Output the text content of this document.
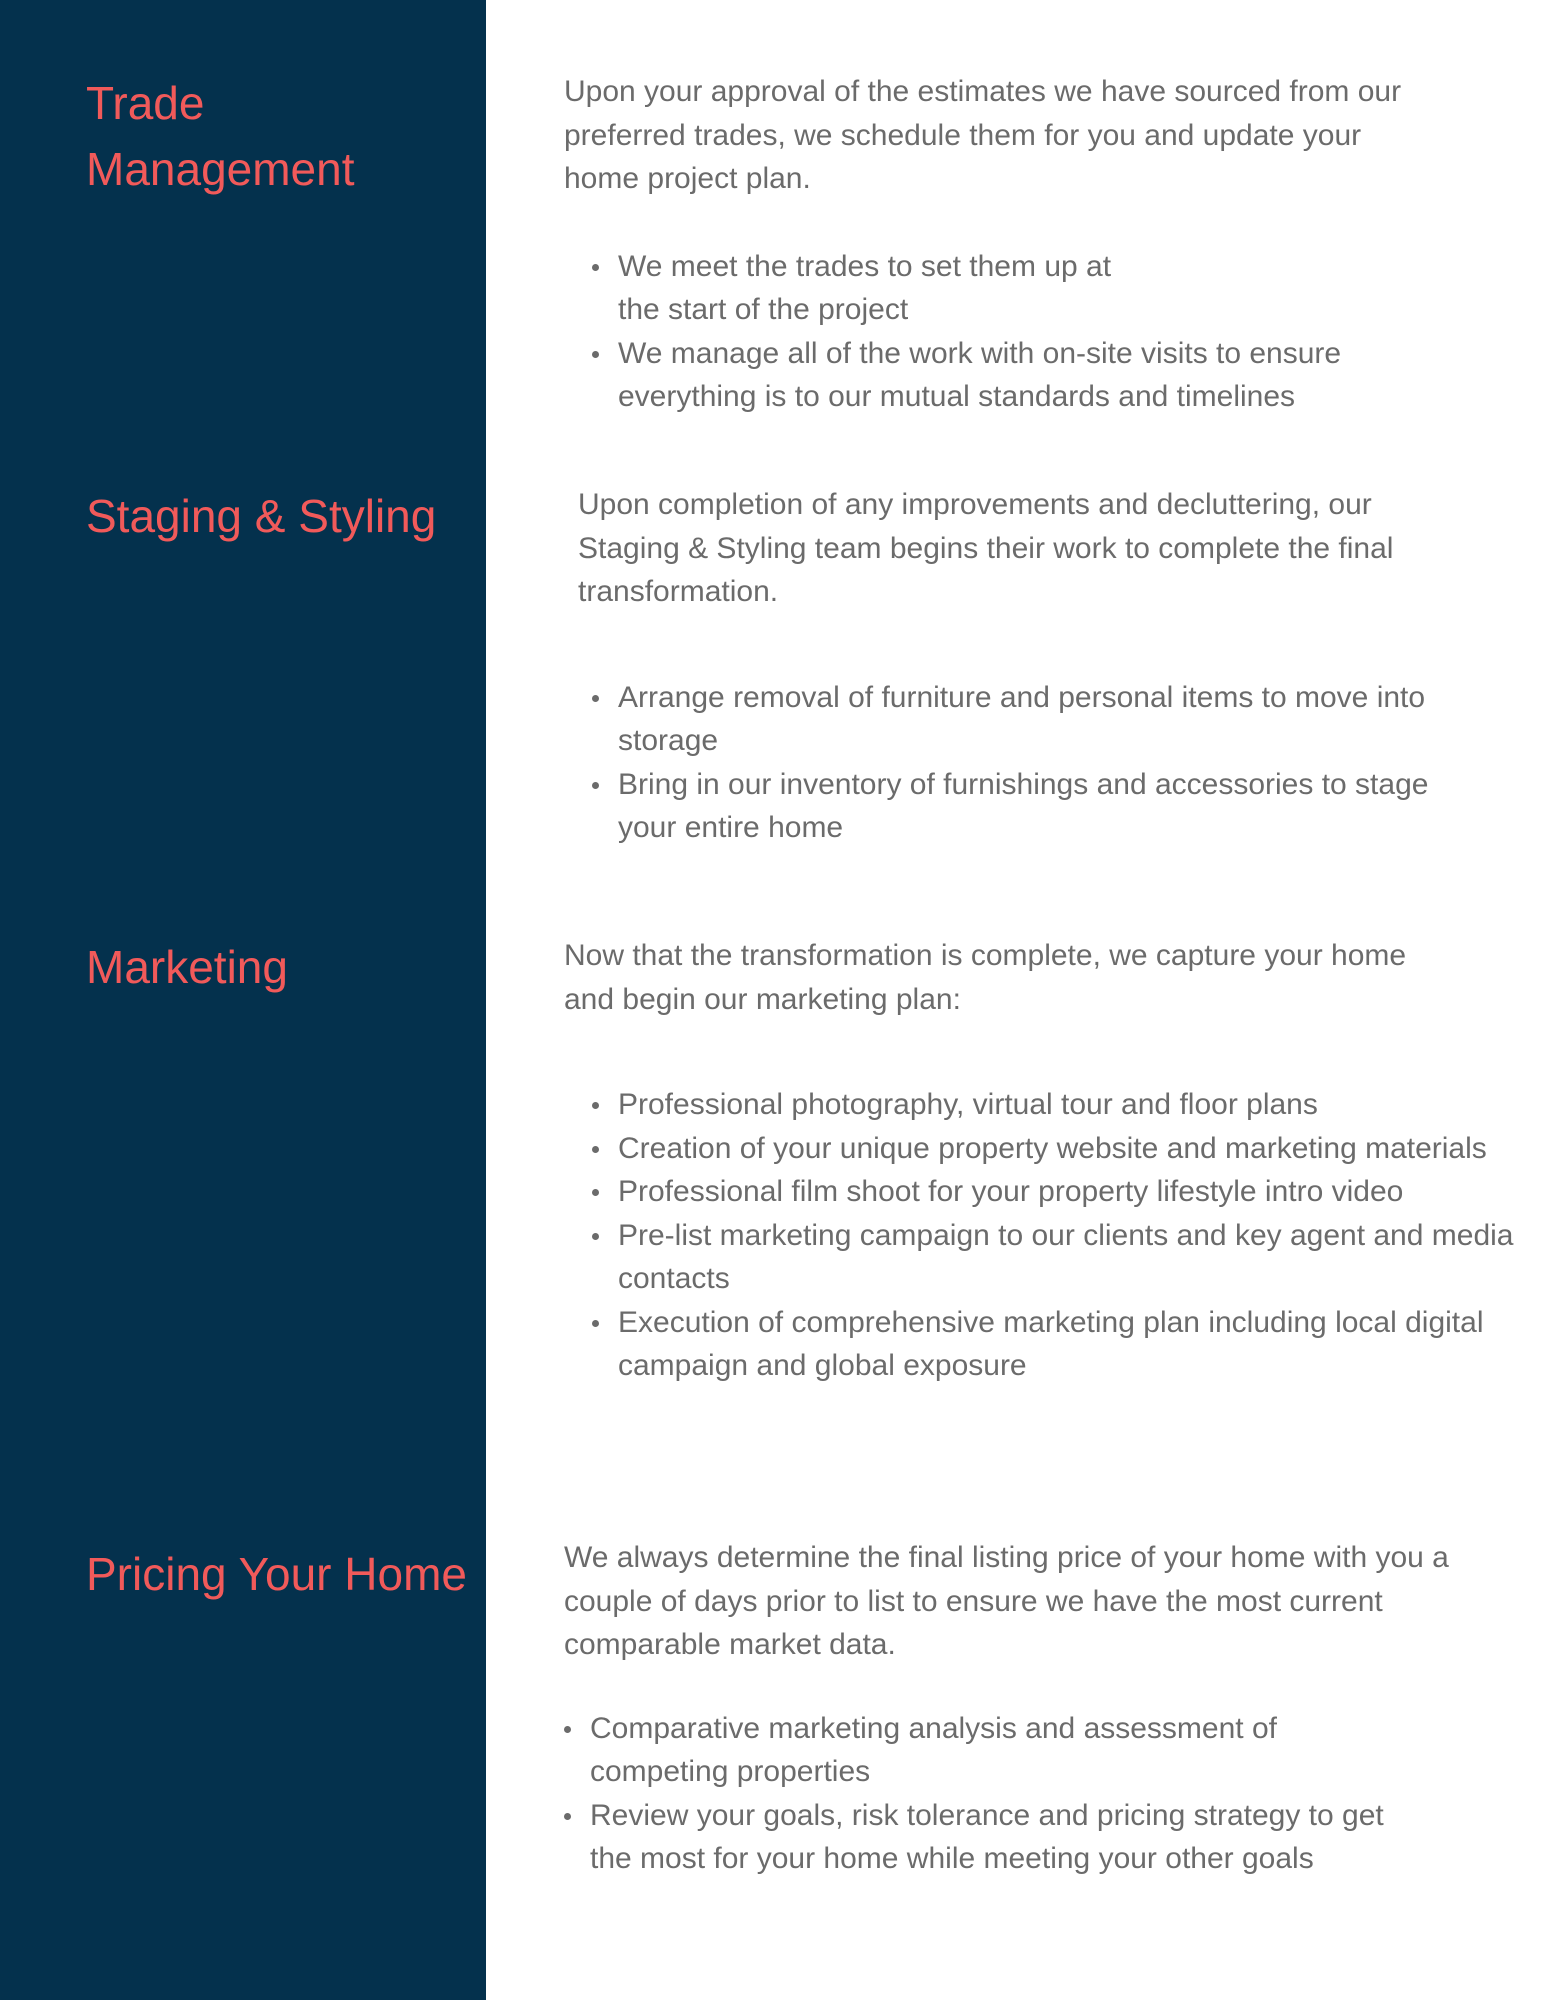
Trade Management

Upon your approval of the estimates we have sourced from our preferred trades, we schedule them for you and update your home project plan.

We meet the trades to set them up at the start of the project
We manage all of the work with on-site visits to ensure everything is to our mutual standards and timelines
Staging & Styling	Upon completion of any improvements and decluttering, our Staging & Styling team begins their work to complete the final transformation.

Arrange removal of furniture and personal items to move into storage
Bring in our inventory of furnishings and accessories to stage your entire home
Marketing	Now that the transformation is complete, we capture your home and begin our marketing plan:

Professional photography, virtual tour and floor plans
Creation of your unique property website and marketing materials
Professional film shoot for your property lifestyle intro video
Pre-list marketing campaign to our clients and key agent and media contacts
Execution of comprehensive marketing plan including local digital campaign and global exposure
Pricing Your Home	We always determine the final listing price of your home with you a couple of days prior to list to ensure we have the most current comparable market data.

Comparative marketing analysis and assessment of competing properties
Review your goals, risk tolerance and pricing strategy to get the most for your home while meeting your other goals
